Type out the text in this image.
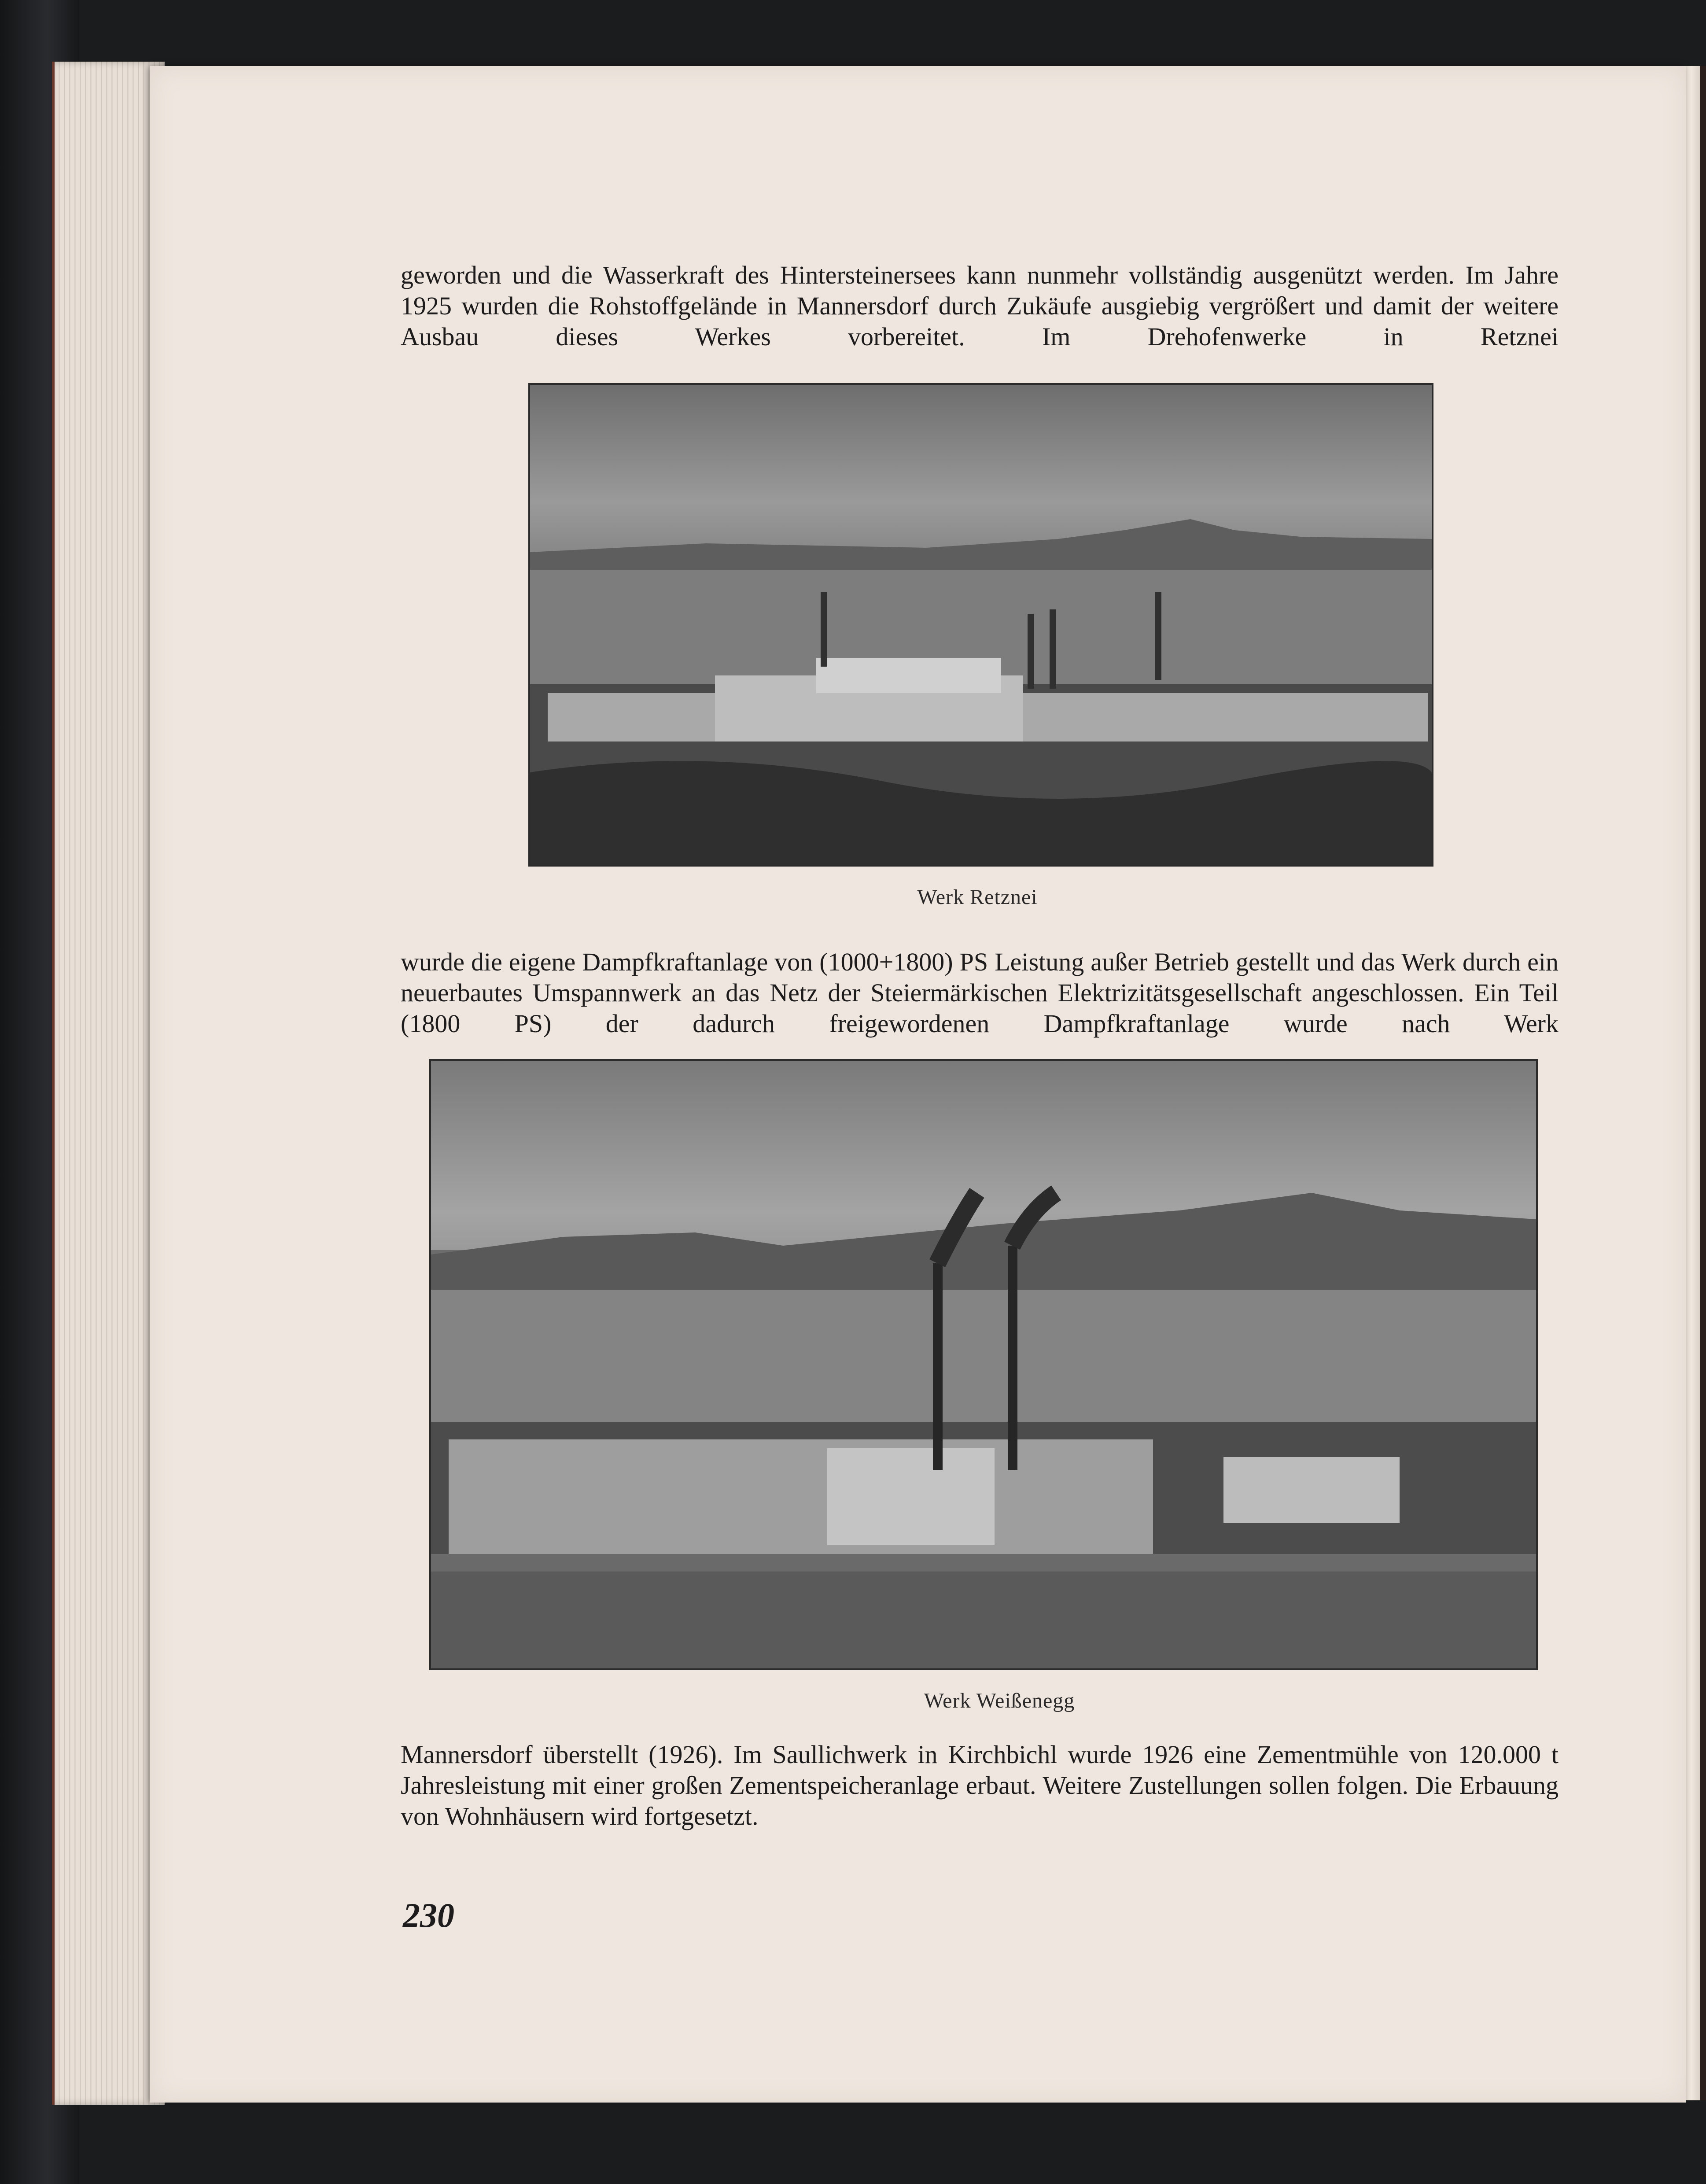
geworden und die Wasserkraft des Hintersteinersees kann nunmehr vollständig ausgenützt werden. Im Jahre 1925 wurden die Rohstoffgelände in Mannersdorf durch Zukäufe ausgiebig vergrößert und damit der weitere Ausbau dieses Werkes vorbereitet. Im Drehofenwerke in Retznei

Werk Retznei

wurde die eigene Dampfkraftanlage von (1000+1800) PS Leistung außer Betrieb gestellt und das Werk durch ein neuerbautes Umspannwerk an das Netz der Steiermärkischen Elektrizitätsgesellschaft angeschlossen. Ein Teil (1800 PS) der dadurch freigewordenen Dampfkraftanlage wurde nach Werk

Werk Weißenegg

Mannersdorf überstellt (1926). Im Saullichwerk in Kirchbichl wurde 1926 eine Zementmühle von 120.000 t Jahresleistung mit einer großen Zementspeicheranlage erbaut. Weitere Zustellungen sollen folgen. Die Erbauung von Wohnhäusern wird fortgesetzt.

230
